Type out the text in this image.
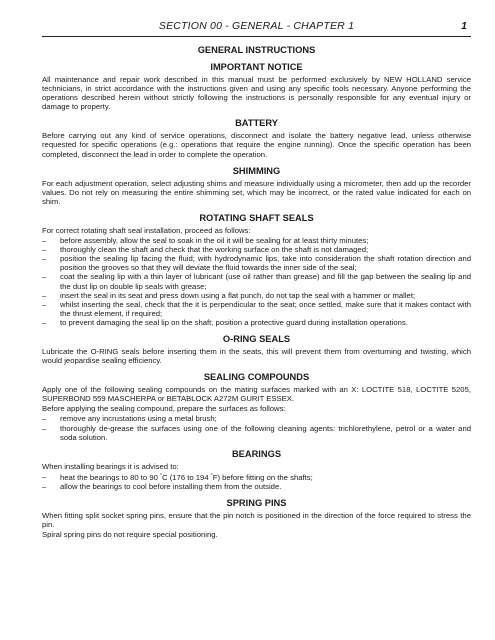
SECTION 00 - GENERAL - CHAPTER 1	1
GENERAL INSTRUCTIONS
IMPORTANT NOTICE

All maintenance and repair work described in this manual must be performed exclusively by NEW HOLLAND service technicians, in strict accordance with the instructions given and using any specific tools necessary. Anyone performing the operations described herein without strictly following the instructions is personally responsible for any eventual injury or damage to property.

BATTERY

Before carrying out any kind of service operations, disconnect and isolate the battery negative lead, unless otherwise requested for specific operations (e.g.: operations that require the engine running). Once the specific operation has been completed, disconnect the lead in order to complete the operation.

SHIMMING

For each adjustment operation, select adjusting shims and measure individually using a micrometer, then add up the recorder values. Do not rely on measuring the entire shimming set, which may be incorrect, or the rated value indicated for each on shim.

ROTATING SHAFT SEALS

For correct rotating shaft seal installation, proceed as follows:

– before assembly, allow the seal to soak in the oil it will be sealing for at least thirty minutes;
– thoroughly clean the shaft and check that the working surface on the shaft is not damaged;
– position the sealing lip facing the fluid; with hydrodynamic lips, take into consideration the shaft rotation direction and position the grooves so that they will deviate the fluid towards the inner side of the seal;
– coat the sealing lip with a thin layer of lubricant (use oil rather than grease) and fill the gap between the sealing lip and the dust lip on double lip seals with grease;
– insert the seal in its seat and press down using a flat punch, do not tap the seal with a hammer or mallet;
– whilst inserting the seal, check that the it is perpendicular to the seat; once settled, make sure that it makes contact with the thrust element, if required;
– to prevent damaging the seal lip on the shaft, position a protective guard during installation operations.
O-RING SEALS

Lubricate the O-RING seals before inserting them in the seats, this will prevent them from overturning and twisting, which would jeopardise sealing efficiency.

SEALING COMPOUNDS

Apply one of the following sealing compounds on the mating surfaces marked with an X: LOCTITE 518, LOCTITE 5205, SUPERBOND 559 MASCHERPA or BETABLOCK A272M GURIT ESSEX.

Before applying the sealing compound, prepare the surfaces as follows:

– remove any incrustations using a metal brush;
– thoroughly de-grease the surfaces using one of the following cleaning agents: trichlorethylene, petrol or a water and soda solution.
BEARINGS

When installing bearings it is advised to:

– heat the bearings to 80 to 90 °C (176 to 194 °F) before fitting on the shafts;
– allow the bearings to cool before installing them from the outside.
SPRING PINS

When fitting split socket spring pins, ensure that the pin notch is positioned in the direction of the force required to stress the pin.

Spiral spring pins do not require special positioning.
